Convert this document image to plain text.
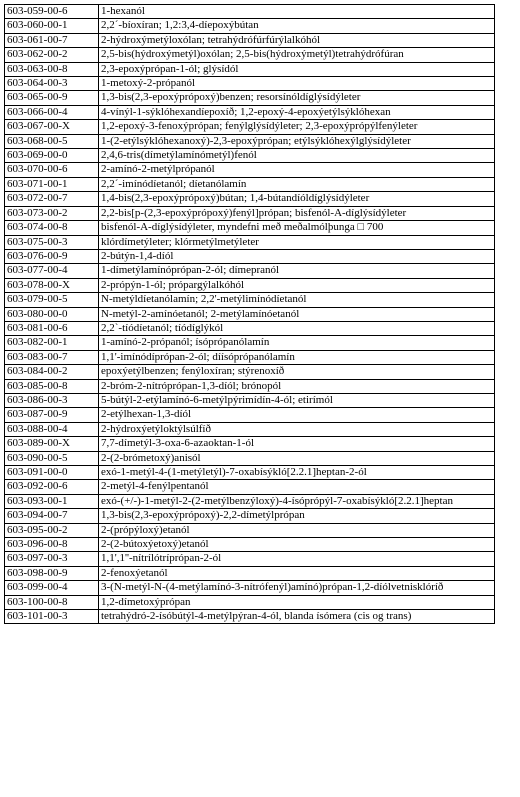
603-059-00-6	1-hexanól
603-060-00-1	2,2´-bíoxíran; 1,2:3,4-díepoxýbútan
603-061-00-7	2-hýdroxýmetýloxólan; tetrahýdrófúrfúrýlalkóhól
603-062-00-2	2,5-bis(hýdroxýmetýl)oxólan; 2,5-bis(hýdroxýmetýl)tetrahýdrófúran
603-063-00-8	2,3-epoxýprópan-1-ól; glýsídól
603-064-00-3	1-metoxý-2-própanól
603-065-00-9	1,3-bis(2,3-epoxýprópoxý)benzen; resorsínóldíglýsídýleter
603-066-00-4	4-vínýl-1-sýklóhexandíepoxíð; 1,2-epoxý-4-epoxýetýlsýklóhexan
603-067-00-X	1,2-epoxý-3-fenoxýprópan; fenýlglýsídýleter; 2,3-epoxýprópýlfenýleter
603-068-00-5	1-(2-etýlsýklóhexanoxý)-2,3-epoxýprópan; etýlsýklóhexýlglýsídýleter
603-069-00-0	2,4,6-tris(dímetýlamínómetýl)fenól
603-070-00-6	2-amínó-2-metýlprópanól
603-071-00-1	2,2´-imínódíetanól; díetanólamín
603-072-00-7	1,4-bis(2,3-epoxýprópoxý)bútan; 1,4-bútandíóldíglýsídýleter
603-073-00-2	2,2-bis[p-(2,3-epoxýprópoxý)fenýl]própan; bisfenól-A-díglýsídýleter
603-074-00-8	bisfenól-A-díglýsídýleter, myndefni með meðalmólþunga □ 700
603-075-00-3	klórdímetýleter; klórmetýlmetýleter
603-076-00-9	2-bútýn-1,4-díól
603-077-00-4	1-dímetýlamínóprópan-2-ól; dímepranól
603-078-00-X	2-própýn-1-ól; própargýlalkóhól
603-079-00-5	N-metýldíetanólamín; 2,2'-metýlimínódíetanól
603-080-00-0	N-metýl-2-amínóetanól; 2-metýlamínóetanól
603-081-00-6	2,2`-tíódíetanól; tíódíglýkól
603-082-00-1	1-amínó-2-própanól; ísóprópanólamín
603-083-00-7	1,1'-imínódíprópan-2-ól; díísóprópanólamín
603-084-00-2	epoxýetýlbenzen; fenýloxíran; stýrenoxíð
603-085-00-8	2-bróm-2-nítróprópan-1,3-díól; brónopól
603-086-00-3	5-bútýl-2-etýlamínó-6-metýlpýrimídín-4-ól; etirímól
603-087-00-9	2-etýlhexan-1,3-díól
603-088-00-4	2-hýdroxýetýloktýlsúlfíð
603-089-00-X	7,7-dímetýl-3-oxa-6-azaoktan-1-ól
603-090-00-5	2-(2-brómetoxý)anisól
603-091-00-0	exó-1-metýl-4-(1-metýletýl)-7-oxabísýkló[2.2.1]heptan-2-ól
603-092-00-6	2-metýl-4-fenýlpentanól
603-093-00-1	exó-(+/-)-1-metýl-2-(2-metýlbenzýloxý)-4-ísóprópýl-7-oxabísýkló[2.2.1]heptan
603-094-00-7	1,3-bis(2,3-epoxýprópoxý)-2,2-dímetýlprópan
603-095-00-2	2-(própýloxý)etanól
603-096-00-8	2-(2-bútoxýetoxý)etanól
603-097-00-3	1,1',1''-nítrílótríprópan-2-ól
603-098-00-9	2-fenoxýetanól
603-099-00-4	3-(N-metýl-N-(4-metýlamínó-3-nítrófenýl)amínó)própan-1,2-díólvetnisklóríð
603-100-00-8	1,2-dímetoxýprópan
603-101-00-3	tetrahýdró-2-ísóbútýl-4-metýlpýran-4-ól, blanda ísómera (cis og trans)
